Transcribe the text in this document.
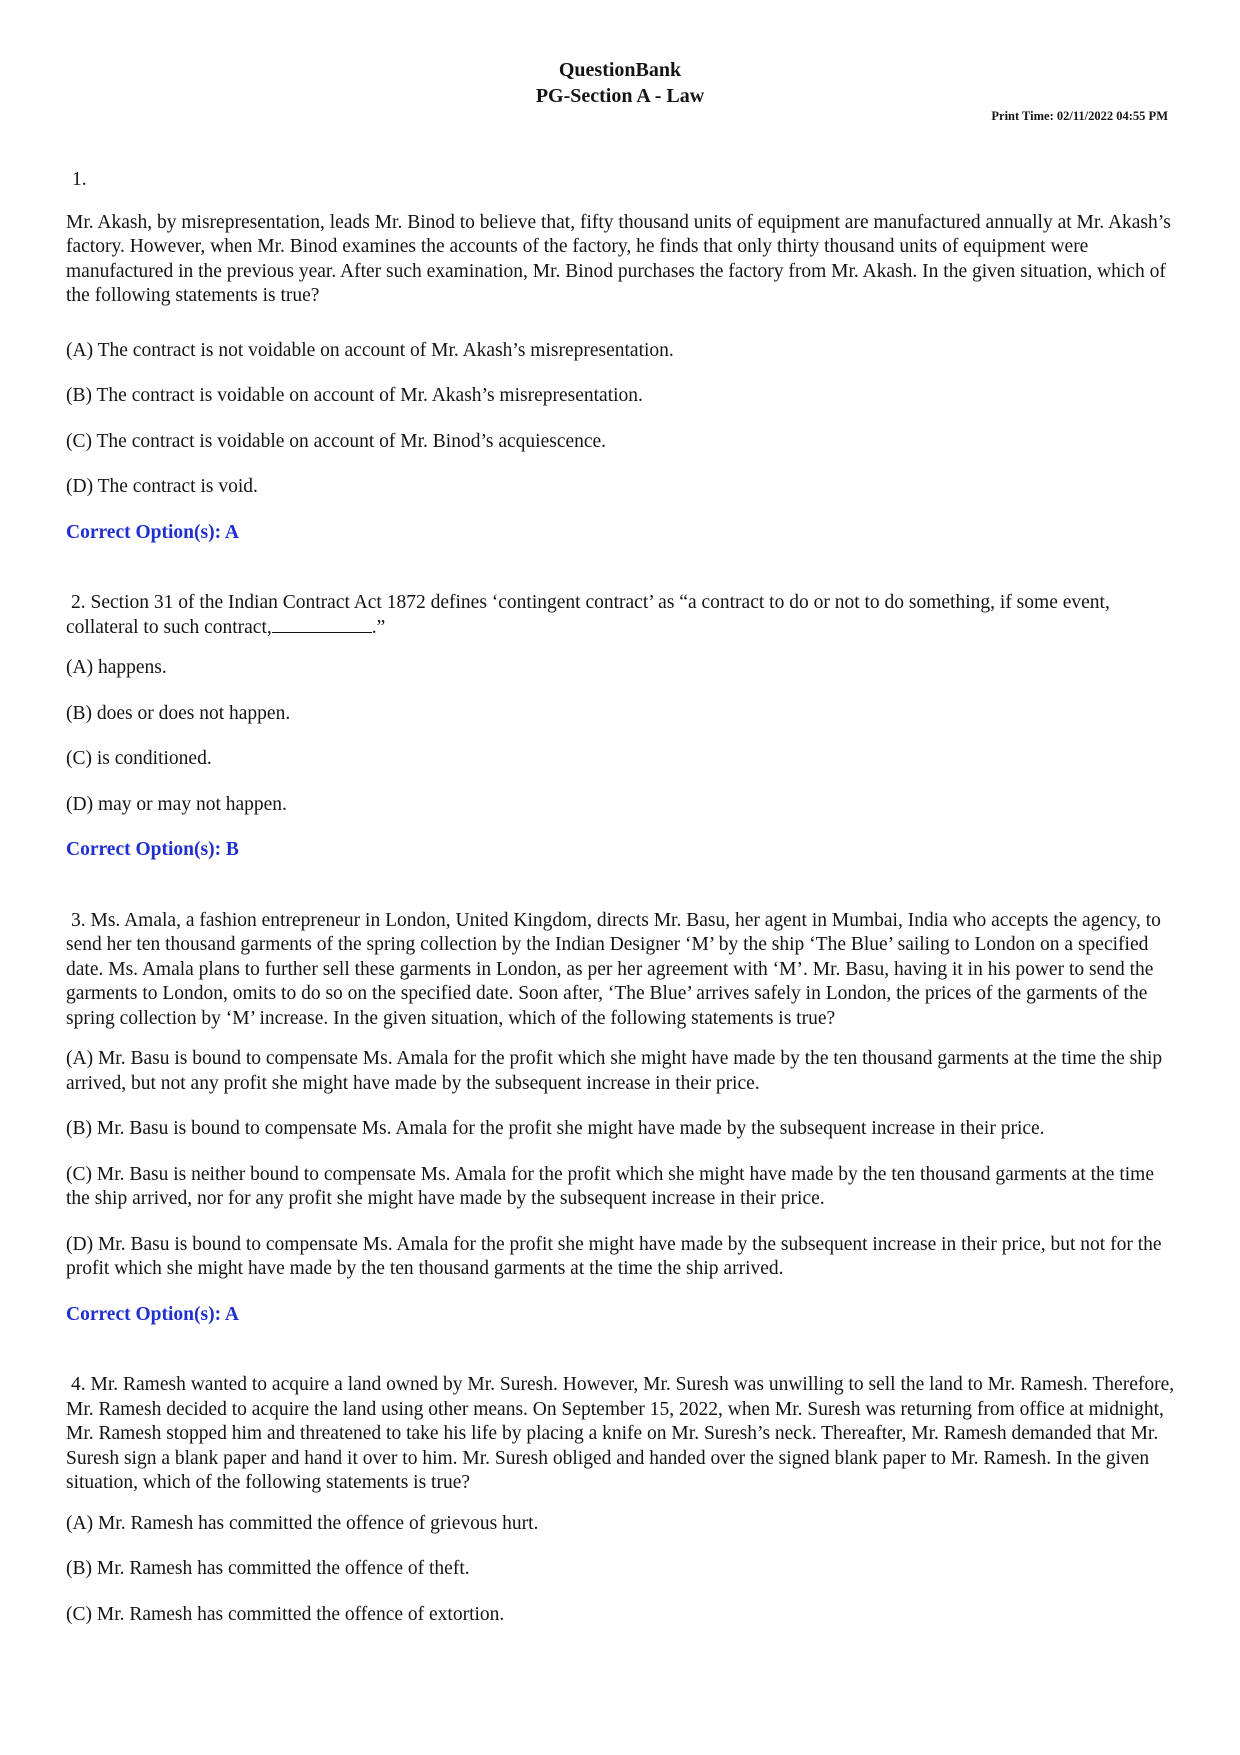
QuestionBank
PG-Section A - Law
Print Time: 02/11/2022 04:55 PM
1.

Mr. Akash, by misrepresentation, leads Mr. Binod to believe that, fifty thousand units of equipment are manufactured annually at Mr. Akash’s factory. However, when Mr. Binod examines the accounts of the factory, he finds that only thirty thousand units of equipment were manufactured in the previous year. After such examination, Mr. Binod purchases the factory from Mr. Akash. In the given situation, which of the following statements is true?

(A) The contract is not voidable on account of Mr. Akash’s misrepresentation.

(B) The contract is voidable on account of Mr. Akash’s misrepresentation.

(C) The contract is voidable on account of Mr. Binod’s acquiescence.

(D) The contract is void.

Correct Option(s): A

2. Section 31 of the Indian Contract Act 1872 defines ‘contingent contract’ as “a contract to do or not to do something, if some event, collateral to such contract,	.”

(A) happens.

(B) does or does not happen.

(C) is conditioned.

(D) may or may not happen.

Correct Option(s): B

3. Ms. Amala, a fashion entrepreneur in London, United Kingdom, directs Mr. Basu, her agent in Mumbai, India who accepts the agency, to send her ten thousand garments of the spring collection by the Indian Designer ‘M’ by the ship ‘The Blue’ sailing to London on a specified date. Ms. Amala plans to further sell these garments in London, as per her agreement with ‘M’. Mr. Basu, having it in his power to send the garments to London, omits to do so on the specified date. Soon after, ‘The Blue’ arrives safely in London, the prices of the garments of the spring collection by ‘M’ increase. In the given situation, which of the following statements is true?

(A) Mr. Basu is bound to compensate Ms. Amala for the profit which she might have made by the ten thousand garments at the time the ship arrived, but not any profit she might have made by the subsequent increase in their price.

(B) Mr. Basu is bound to compensate Ms. Amala for the profit she might have made by the subsequent increase in their price.

(C) Mr. Basu is neither bound to compensate Ms. Amala for the profit which she might have made by the ten thousand garments at the time the ship arrived, nor for any profit she might have made by the subsequent increase in their price.

(D) Mr. Basu is bound to compensate Ms. Amala for the profit she might have made by the subsequent increase in their price, but not for the profit which she might have made by the ten thousand garments at the time the ship arrived.

Correct Option(s): A

4. Mr. Ramesh wanted to acquire a land owned by Mr. Suresh. However, Mr. Suresh was unwilling to sell the land to Mr. Ramesh. Therefore, Mr. Ramesh decided to acquire the land using other means. On September 15, 2022, when Mr. Suresh was returning from office at midnight, Mr. Ramesh stopped him and threatened to take his life by placing a knife on Mr. Suresh’s neck. Thereafter, Mr. Ramesh demanded that Mr. Suresh sign a blank paper and hand it over to him. Mr. Suresh obliged and handed over the signed blank paper to Mr. Ramesh. In the given situation, which of the following statements is true?

(A) Mr. Ramesh has committed the offence of grievous hurt.

(B) Mr. Ramesh has committed the offence of theft.

(C) Mr. Ramesh has committed the offence of extortion.
